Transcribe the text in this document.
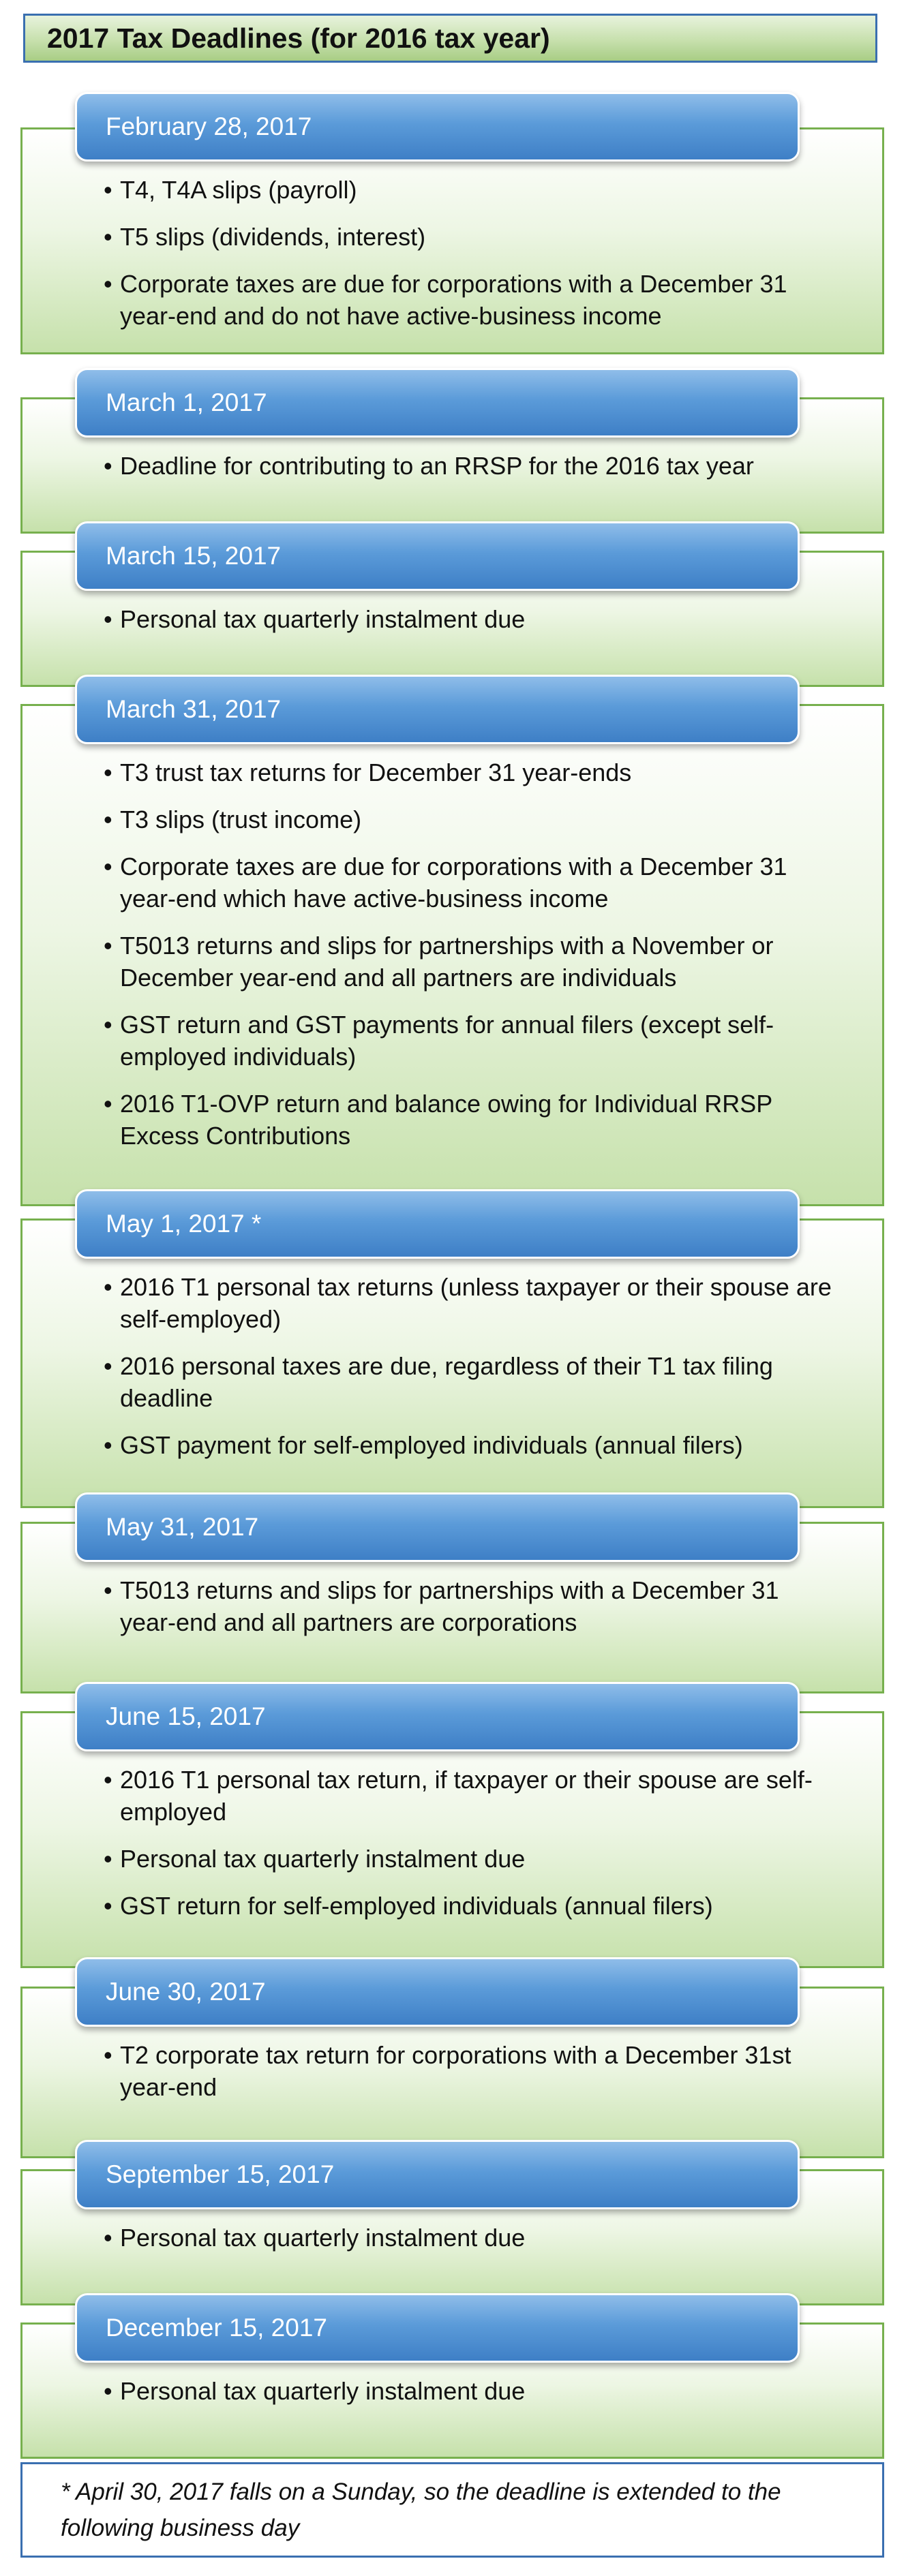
2017 Tax Deadlines (for 2016 tax year)
February 28, 2017
• T4, T4A slips (payroll)
• T5 slips (dividends, interest)
• Corporate taxes are due for corporations with a December 31 year-end and do not have active-business income
March 1, 2017
• Deadline for contributing to an RRSP for the 2016 tax year
March 15, 2017
• Personal tax quarterly instalment due
March 31, 2017
• T3 trust tax returns for December 31 year-ends
• T3 slips (trust income)
• Corporate taxes are due for corporations with a December 31 year-end which have active-business income
• T5013 returns and slips for partnerships with a November or December year-end and all partners are individuals
• GST return and GST payments for annual filers (except self-employed individuals)
• 2016 T1-OVP return and balance owing for Individual RRSP Excess Contributions
May 1, 2017 *
• 2016 T1 personal tax returns (unless taxpayer or their spouse are self-employed)
• 2016 personal taxes are due, regardless of their T1 tax filing deadline
• GST payment for self-employed individuals (annual filers)
May 31, 2017
• T5013 returns and slips for partnerships with a December 31 year-end and all partners are corporations
June 15, 2017
• 2016 T1 personal tax return, if taxpayer or their spouse are self-employed
• Personal tax quarterly instalment due
• GST return for self-employed individuals (annual filers)
June 30, 2017
• T2 corporate tax return for corporations with a December 31st year-end
September 15, 2017
• Personal tax quarterly instalment due
December 15, 2017
• Personal tax quarterly instalment due
* April 30, 2017 falls on a Sunday, so the deadline is extended to the following business day
